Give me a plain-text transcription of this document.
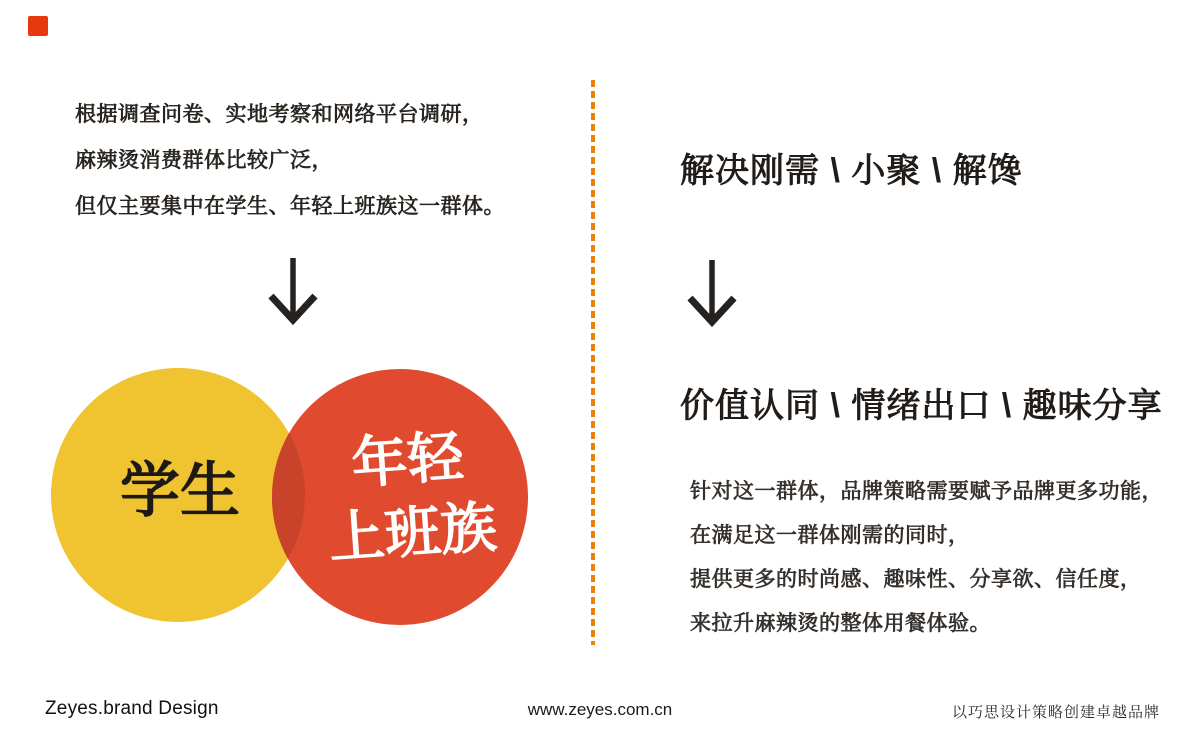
根据调查问卷、实地考察和网络平台调研，
麻辣烫消费群体比较广泛，
但仅主要集中在学生、年轻上班族这一群体。
学生	年轻
上班族
解决刚需 \ 小聚 \ 解馋
价值认同 \ 情绪出口 \ 趣味分享
针对这一群体，品牌策略需要赋予品牌更多功能，
在满足这一群体刚需的同时，
提供更多的时尚感、趣味性、分享欲、信任度，
来拉升麻辣烫的整体用餐体验。
Zeyes.brand Design	www.zeyes.com.cn	以巧思设计策略创建卓越品牌
